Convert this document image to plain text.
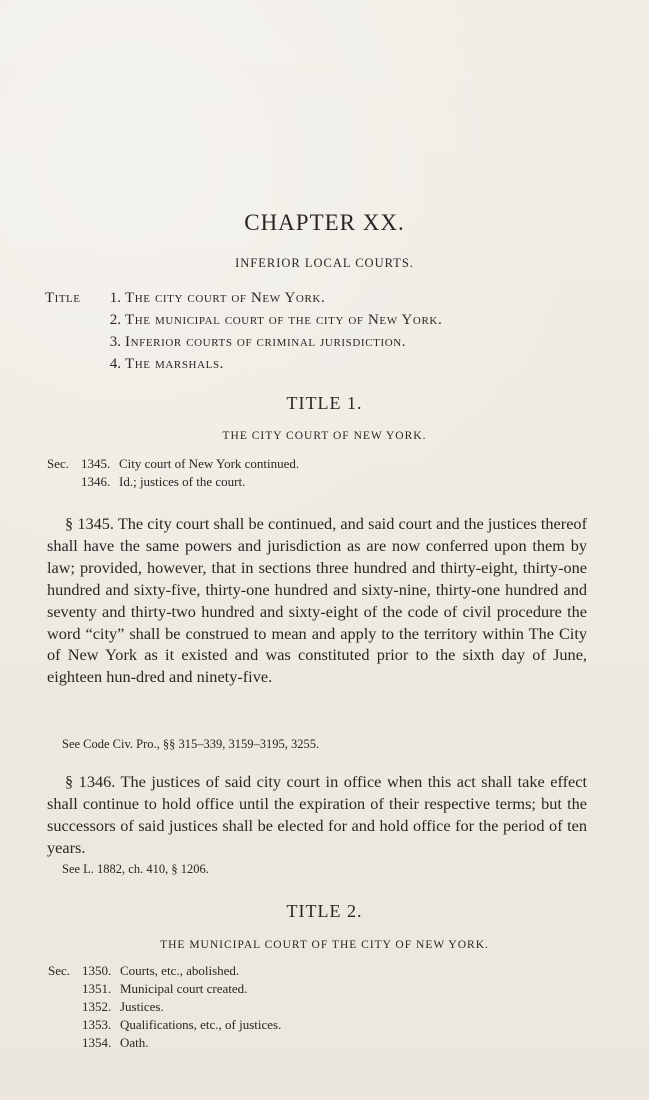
CHAPTER XX.
INFERIOR LOCAL COURTS.
Title	1. The city court of New York.
2. The municipal court of the city of New York.
3. Inferior courts of criminal jurisdiction.
4. The marshals.
TITLE 1.
THE CITY COURT OF NEW YORK.
Sec. 1345. City court of New York continued.
1346. Id.; justices of the court.

§ 1345. The city court shall be continued, and said court and the justices thereof shall have the same powers and jurisdiction as are now conferred upon them by law; provided, however, that in sections three hundred and thirty-eight, thirty-one hundred and sixty-five, thirty-one hundred and sixty-nine, thirty-one hundred and seventy and thirty-two hundred and sixty-eight of the code of civil procedure the word “city” shall be construed to mean and apply to the territory within The City of New York as it existed and was constituted prior to the sixth day of June, eighteen hun-dred and ninety-five.

See Code Civ. Pro., §§ 315–339, 3159–3195, 3255.

§ 1346. The justices of said city court in office when this act shall take effect shall continue to hold office until the expiration of their respective terms; but the successors of said justices shall be elected for and hold office for the period of ten years.

See L. 1882, ch. 410, § 1206.
TITLE 2.
THE MUNICIPAL COURT OF THE CITY OF NEW YORK.
Sec. 1350. Courts, etc., abolished.
1351. Municipal court created.
1352. Justices.
1353. Qualifications, etc., of justices.
1354. Oath.
